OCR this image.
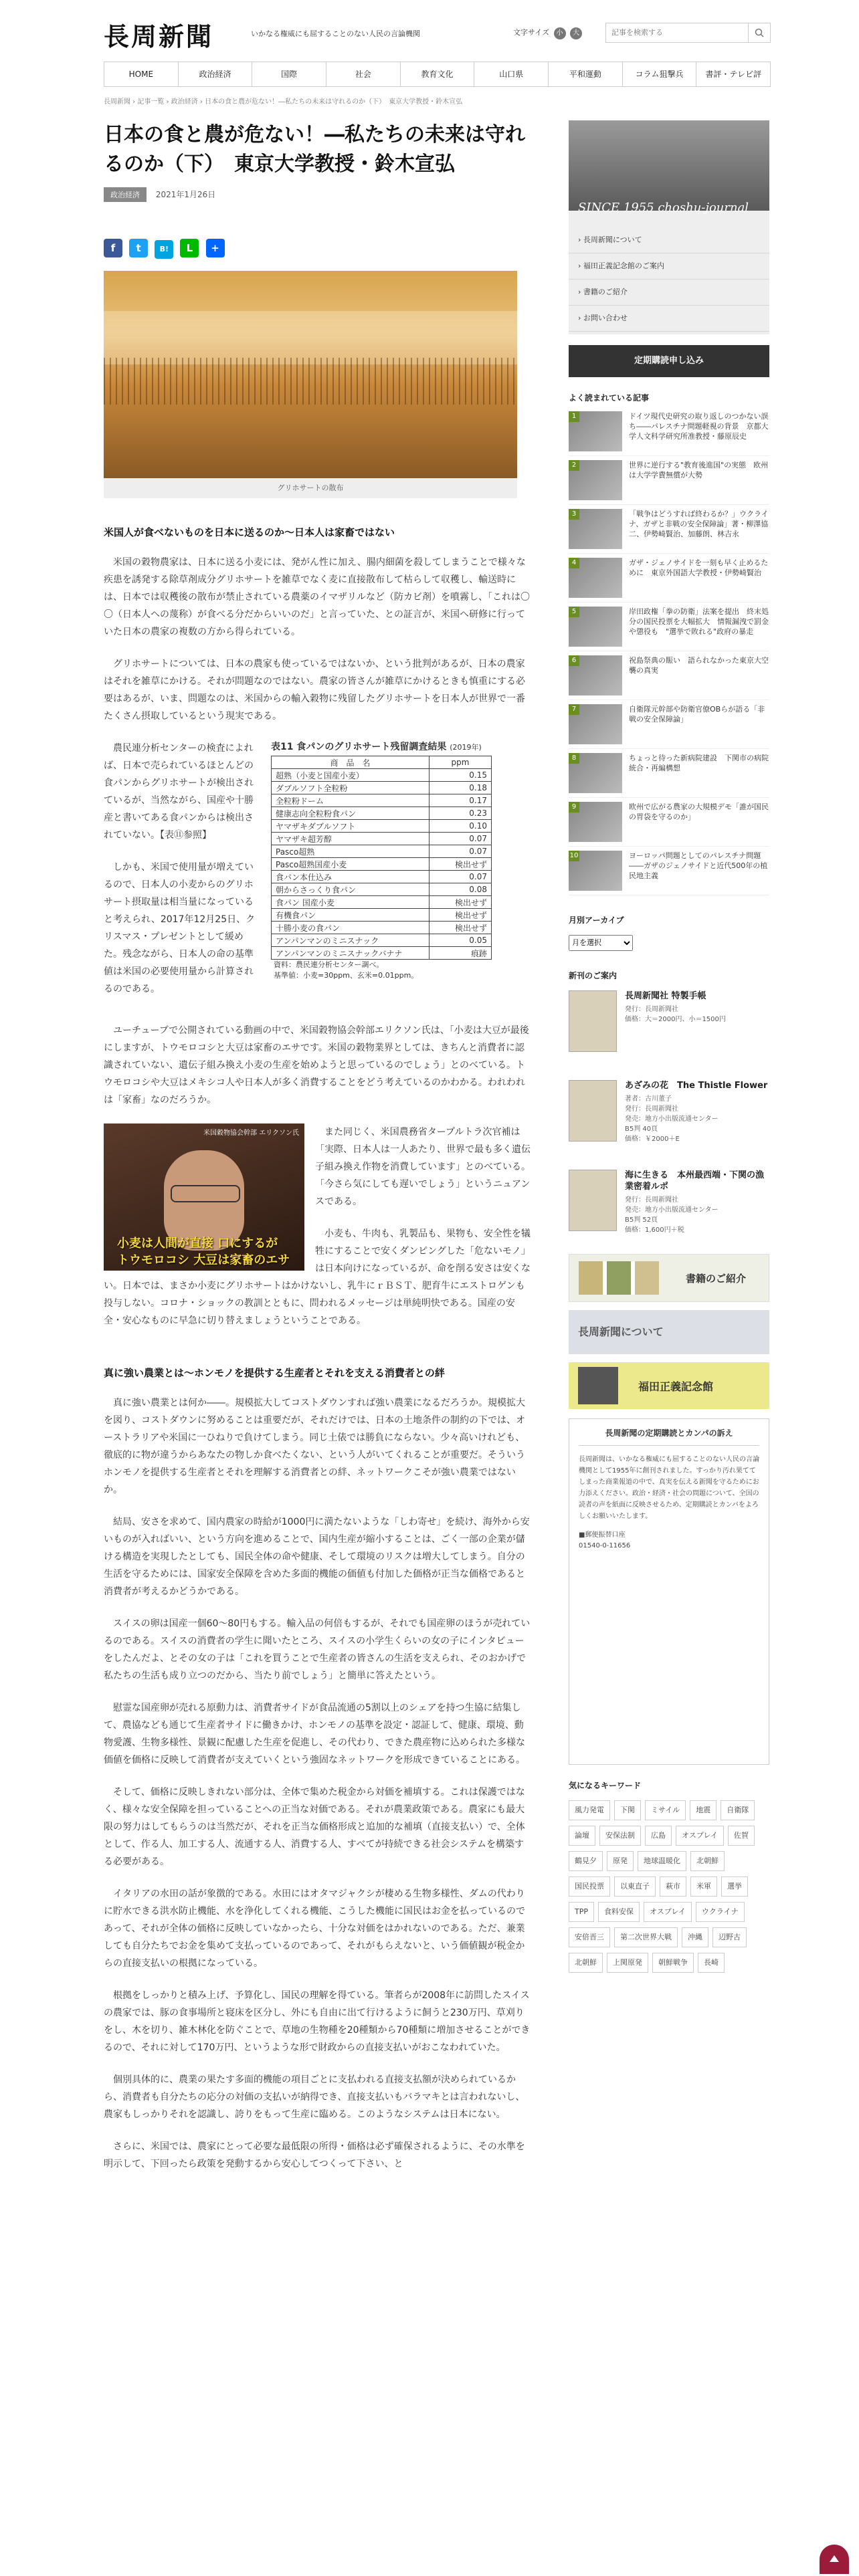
長周新聞	いかなる権威にも屈することのない人民の言論機関	文字サイズ 小 大
記事を検索する
HOME	政治経済	国際	社会	教育文化	山口県	平和運動	コラム狙撃兵	書評・テレビ評
長周新聞 › 記事一覧 › 政治経済 › 日本の食と農が危ない！―私たちの未来は守れるのか（下）　東京大学教授・鈴木宣弘
日本の食と農が危ない！―私たちの未来は守れるのか（下）　東京大学教授・鈴木宣弘
政治経済 2021年1月26日
f t	B! L +
グリホサートの散布
米国人が食べないものを日本に送るのか〜日本人は家畜ではない

米国の穀物農家は、日本に送る小麦には、発がん性に加え、腸内細菌を殺してしまうことで様々な疾患を誘発する除草剤成分グリホサートを雑草でなく麦に直接散布して枯らして収穫し、輸送時には、日本では収穫後の散布が禁止されている農薬のイマザリルなど（防カビ剤）を噴霧し、「これは〇〇（日本人への蔑称）が食べる分だからいいのだ」と言っていた、との証言が、米国へ研修に行っていた日本の農家の複数の方から得られている。

グリホサートについては、日本の農家も使っているではないか、という批判があるが、日本の農家はそれを雑草にかける。それが問題なのではない。農家の皆さんが雑草にかけるときも慎重にする必要はあるが、いま、問題なのは、米国からの輸入穀物に残留したグリホサートを日本人が世界で一番たくさん摂取しているという現実である。

表11 食パンのグリホサート残留調査結果 (2019年)
商　品　名	ppm
超熟（小麦と国産小麦）	0.15
ダブルソフト全粒粉	0.18
全粒粉ドーム	0.17
健康志向全粒粉食パン	0.23
ヤマザキダブルソフト	0.10
ヤマザキ超芳醇	0.07
Pasco超熟	0.07
Pasco超熟国産小麦	検出せず
食パン本仕込み	0.07
朝からさっくり食パン	0.08
食パン 国産小麦	検出せず
有機食パン	検出せず
十勝小麦の食パン	検出せず
アンパンマンのミニスナック	0.05
アンパンマンのミニスナックバナナ	痕跡
資料：農民連分析センター調べ。
基準値：小麦=30ppm、玄米=0.01ppm。

農民連分析センターの検査によれば、日本で売られているほとんどの食パンからグリホサートが検出されているが、当然ながら、国産や十勝産と書いてある食パンからは検出されていない。【表⑪参照】

しかも、米国で使用量が増えているので、日本人の小麦からのグリホサート摂取量は相当量になっていると考えられ、2017年12月25日、クリスマス・プレゼントとして緩めた。残念ながら、日本人の命の基準値は米国の必要使用量から計算されるのである。

ユーチューブで公開されている動画の中で、米国穀物協会幹部エリクソン氏は、「小麦は大豆が最後にしますが、トウモロコシと大豆は家畜のエサです。米国の穀物業界としては、きちんと消費者に認識されていない、遺伝子組み換え小麦の生産を始めようと思っているのでしょう」とのべている。トウモロコシや大豆はメキシコ人や日本人が多く消費することをどう考えているのかわかる。われわれは「家畜」なのだろうか。

米国穀物協会幹部 エリクソン氏
小麦は人間が直接 口にするが
トウモロコシ 大豆は家畜のエサ

また同じく、米国農務省タープルトラ次官補は「実際、日本人は一人あたり、世界で最も多く遺伝子組み換え作物を消費しています」とのべている。「今さら気にしても遅いでしょう」というニュアンスである。

小麦も、牛肉も、乳製品も、果物も、安全性を犠牲にすることで安くダンピングした「危ないモノ」は日本向けになっているが、命を削る安さは安くない。日本では、まさか小麦にグリホサートはかけないし、乳牛にｒＢＳＴ、肥育牛にエストロゲンも投与しない。コロナ・ショックの教訓とともに、問われるメッセージは単純明快である。国産の安全・安心なものに早急に切り替えましょうということである。

真に強い農業とは〜ホンモノを提供する生産者とそれを支える消費者との絆

真に強い農業とは何か――。規模拡大してコストダウンすれば強い農業になるだろうか。規模拡大を図り、コストダウンに努めることは重要だが、それだけでは、日本の土地条件の制約の下では、オーストラリアや米国に一ひねりで負けてしまう。同じ土俵では勝負にならない。少々高いけれども、徹底的に物が違うからあなたの物しか食べたくない、という人がいてくれることが重要だ。そういうホンモノを提供する生産者とそれを理解する消費者との絆、ネットワークこそが強い農業ではないか。

結局、安さを求めて、国内農家の時給が1000円に満たないような「しわ寄せ」を続け、海外から安いものが入ればいい、という方向を進めることで、国内生産が縮小することは、ごく一部の企業が儲ける構造を実現したとしても、国民全体の命や健康、そして環境のリスクは増大してしまう。自分の生活を守るためには、国家安全保障を含めた多面的機能の価値も付加した価格が正当な価格であると消費者が考えるかどうかである。

スイスの卵は国産一個60〜80円もする。輸入品の何倍もするが、それでも国産卵のほうが売れているのである。スイスの消費者の学生に聞いたところ、スイスの小学生くらいの女の子にインタビューをしたんだよ、とその女の子は「これを買うことで生産者の皆さんの生活を支えられ、そのおかげで私たちの生活も成り立つのだから、当たり前でしょう」と簡単に答えたという。

慰霊な国産卵が売れる原動力は、消費者サイドが食品流通の5割以上のシェアを持つ生協に結集して、農協なども通じて生産者サイドに働きかけ、ホンモノの基準を設定・認証して、健康、環境、動物愛護、生物多様性、景観に配慮した生産を促進し、その代わり、できた農産物に込められた多様な価値を価格に反映して消費者が支えていくという強固なネットワークを形成できていることにある。

そして、価格に反映しきれない部分は、全体で集めた税金から対価を補填する。これは保護ではなく、様々な安全保障を担っていることへの正当な対価である。それが農業政策である。農家にも最大限の努力はしてもらうのは当然だが、それを正当な価格形成と追加的な補填（直接支払い）で、全体として、作る人、加工する人、流通する人、消費する人、すべてが持続できる社会システムを構築する必要がある。

イタリアの水田の話が象徴的である。水田にはオタマジャクシが棲める生物多様性、ダムの代わりに貯水できる洪水防止機能、水を浄化してくれる機能、こうした機能に国民はお金を払っているのであって、それが全体の価格に反映していなかったら、十分な対価をはかれないのである。ただ、兼業しても自分たちでお金を集めて支払っているのであって、それがもらえないと、いう価値観が税金からの直接支払いの根拠になっている。

根拠をしっかりと積み上げ、予算化し、国民の理解を得ている。筆者らが2008年に訪問したスイスの農家では、豚の食事場所と寝床を区分し、外にも自由に出て行けるように飼うと230万円、草刈りをし、木を切り、雑木林化を防ぐことで、草地の生物種を20種類から70種類に増加させることができるので、それに対して170万円、というような形で財政からの直接支払いがおこなわれていた。

個別具体的に、農業の果たす多面的機能の項目ごとに支払われる直接支払額が決められているから、消費者も自分たちの応分の対価の支払いが納得でき、直接支払いもバラマキとは言われないし、農家もしっかりそれを認識し、誇りをもって生産に臨める。このようなシステムは日本にない。

さらに、米国では、農家にとって必要な最低限の所得・価格は必ず確保されるように、その水準を明示して、下回ったら政策を発動するから安心してつくって下さい、と

SINCE 1955 choshu-journal
› 長周新聞について
› 福田正義記念館のご案内
› 書籍のご紹介
› お問い合わせ
定期購読申し込み
よく読まれている記事
1	ドイツ現代史研究の取り返しのつかない誤ち――パレスチナ問題軽視の背景　京都大学人文科学研究所准教授・藤原辰史
2	世界に逆行する"教育後進国"の実態　欧州は大学学費無償が大勢
3	「戦争はどうすれば終わるか？」ウクライナ、ガザと非戦の安全保障論」著・柳澤協二、伊勢崎賢治、加藤朗、林吉永
4	ガザ・ジェノサイドを一刻も早く止めるために　東京外国語大学教授・伊勢崎賢治
5	岸田政権「拳の防衛」法案を提出　終末処分の国民投票を大幅拡大　情報漏洩で罰金や懲役も　"選挙で敗れる"政府の暴走
6	祝島祭典の賑い　語られなかった東京大空襲の真実
7	自衛隊元幹部や防衛官僚OBらが語る「非戦の安全保障論」
8	ちょっと待った新病院建設　下関市の病院統合・再編構想
9	欧州で広がる農家の大規模デモ「誰が国民の胃袋を守るのか」
10	ヨーロッパ問題としてのパレスチナ問題――ガザのジェノサイドと近代500年の植民地主義
月別アーカイブ
月を選択
新刊のご案内
長周新聞社 特製手帳
発行：長周新聞社
価格：大＝2000円、小＝1500円
あざみの花　The Thistle Flower
著者：古川董子
発行：長周新聞社
発売：地方小出版流通センター
B5判 40頁
価格：￥2000＋E
海に生きる　本州最西端・下関の漁業密着ルポ
発行：長周新聞社
発売：地方小出版流通センター
B5判 52頁
価格：1,600円＋税
書籍のご紹介
長周新聞について
福田正義記念館
長周新聞の定期購読とカンパの訴え
長周新聞は、いかなる権威にも屈することのない人民の言論機関として1955年に創刊されました。すっかり汚れ果ててしまった商業報道の中で、真実を伝える新聞を守るためにお力添えください。政治・経済・社会の問題について、全国の読者の声を紙面に反映させるため、定期購読とカンパをよろしくお願いいたします。
■郵便振替口座
01540-0-11656
気になるキーワード
風力発電	下関	ミサイル	地震	自衛隊
論壇	安保法制	広島	オスプレイ	佐賀
鶴見夕	原発	地球温暖化	北朝鮮
国民投票	以東直子	萩市	米軍	選挙
TPP	食料安保	オスプレイ	ウクライナ
安倍晋三	第二次世界大戦	沖縄	辺野古
北朝鮮	上関原発	朝鮮戦争	長崎
